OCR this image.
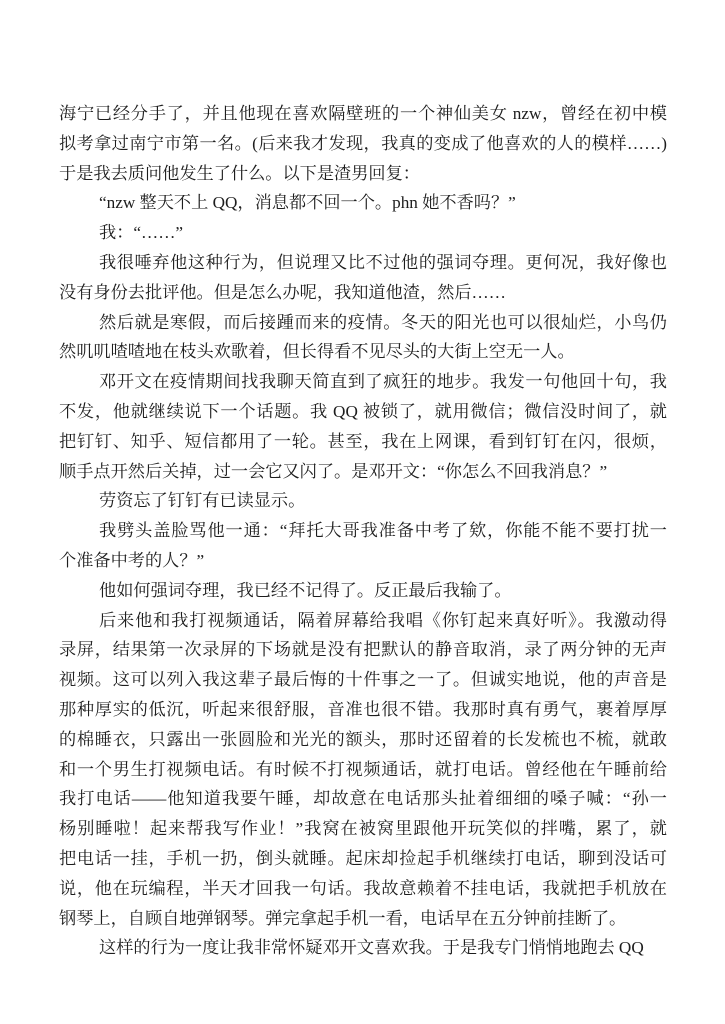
海宁已经分手了，并且他现在喜欢隔壁班的一个神仙美女 nzw，曾经在初中模
拟考拿过南宁市第一名。(后来我才发现，我真的变成了他喜欢的人的模样……)
于是我去质问他发生了什么。以下是渣男回复：
“nzw 整天不上 QQ，消息都不回一个。phn 她不香吗？”
我：“……”
我很唾弃他这种行为，但说理又比不过他的强词夺理。更何况，我好像也
没有身份去批评他。但是怎么办呢，我知道他渣，然后……
然后就是寒假，而后接踵而来的疫情。冬天的阳光也可以很灿烂，小鸟仍
然叽叽喳喳地在枝头欢歌着，但长得看不见尽头的大街上空无一人。
邓开文在疫情期间找我聊天简直到了疯狂的地步。我发一句他回十句，我
不发，他就继续说下一个话题。我 QQ 被锁了，就用微信；微信没时间了，就
把钉钉、知乎、短信都用了一轮。甚至，我在上网课，看到钉钉在闪，很烦，
顺手点开然后关掉，过一会它又闪了。是邓开文：“你怎么不回我消息？”
劳资忘了钉钉有已读显示。
我劈头盖脸骂他一通：“拜托大哥我准备中考了欸，你能不能不要打扰一
个准备中考的人？”
他如何强词夺理，我已经不记得了。反正最后我输了。
后来他和我打视频通话，隔着屏幕给我唱《你钉起来真好听》。我激动得
录屏，结果第一次录屏的下场就是没有把默认的静音取消，录了两分钟的无声
视频。这可以列入我这辈子最后悔的十件事之一了。但诚实地说，他的声音是
那种厚实的低沉，听起来很舒服，音准也很不错。我那时真有勇气，裹着厚厚
的棉睡衣，只露出一张圆脸和光光的额头，那时还留着的长发梳也不梳，就敢
和一个男生打视频电话。有时候不打视频通话，就打电话。曾经他在午睡前给
我打电话——他知道我要午睡，却故意在电话那头扯着细细的嗓子喊：“孙一
杨别睡啦！起来帮我写作业！”我窝在被窝里跟他开玩笑似的拌嘴，累了，就
把电话一挂，手机一扔，倒头就睡。起床却捡起手机继续打电话，聊到没话可
说，他在玩编程，半天才回我一句话。我故意赖着不挂电话，我就把手机放在
钢琴上，自顾自地弹钢琴。弹完拿起手机一看，电话早在五分钟前挂断了。
这样的行为一度让我非常怀疑邓开文喜欢我。于是我专门悄悄地跑去 QQ
